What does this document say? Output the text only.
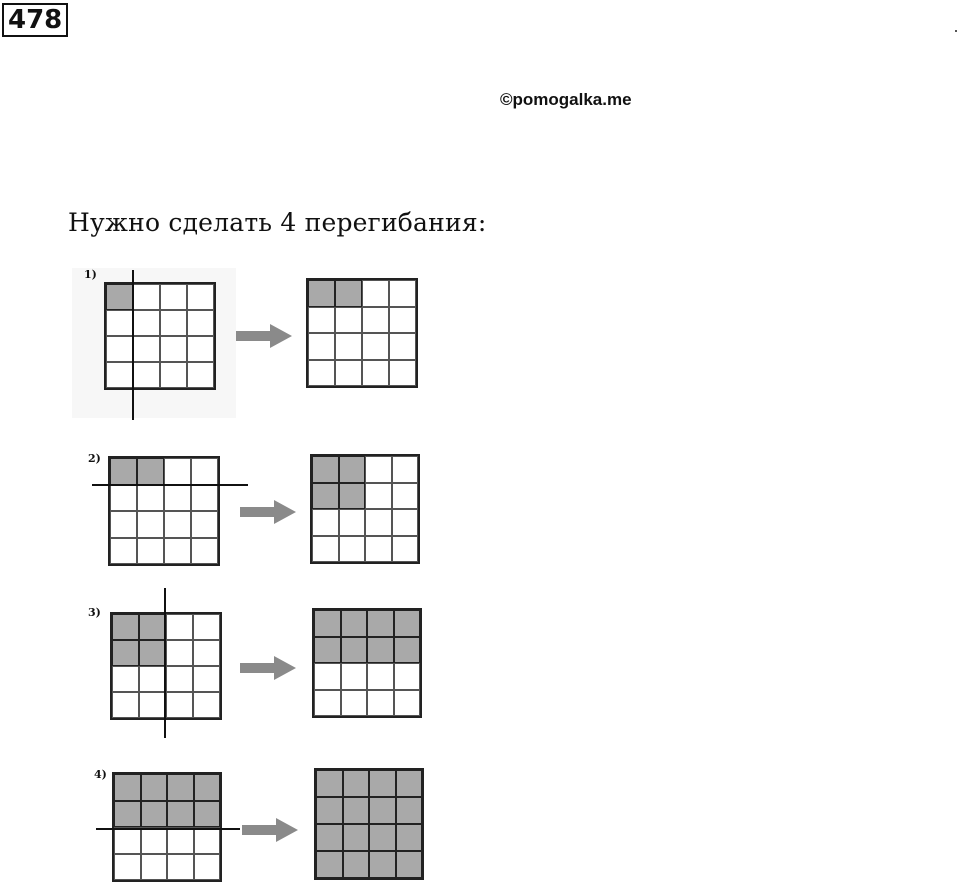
478
©pomogalka.me
Нужно сделать 4 перегибания:
1)
2)
3)
4)
